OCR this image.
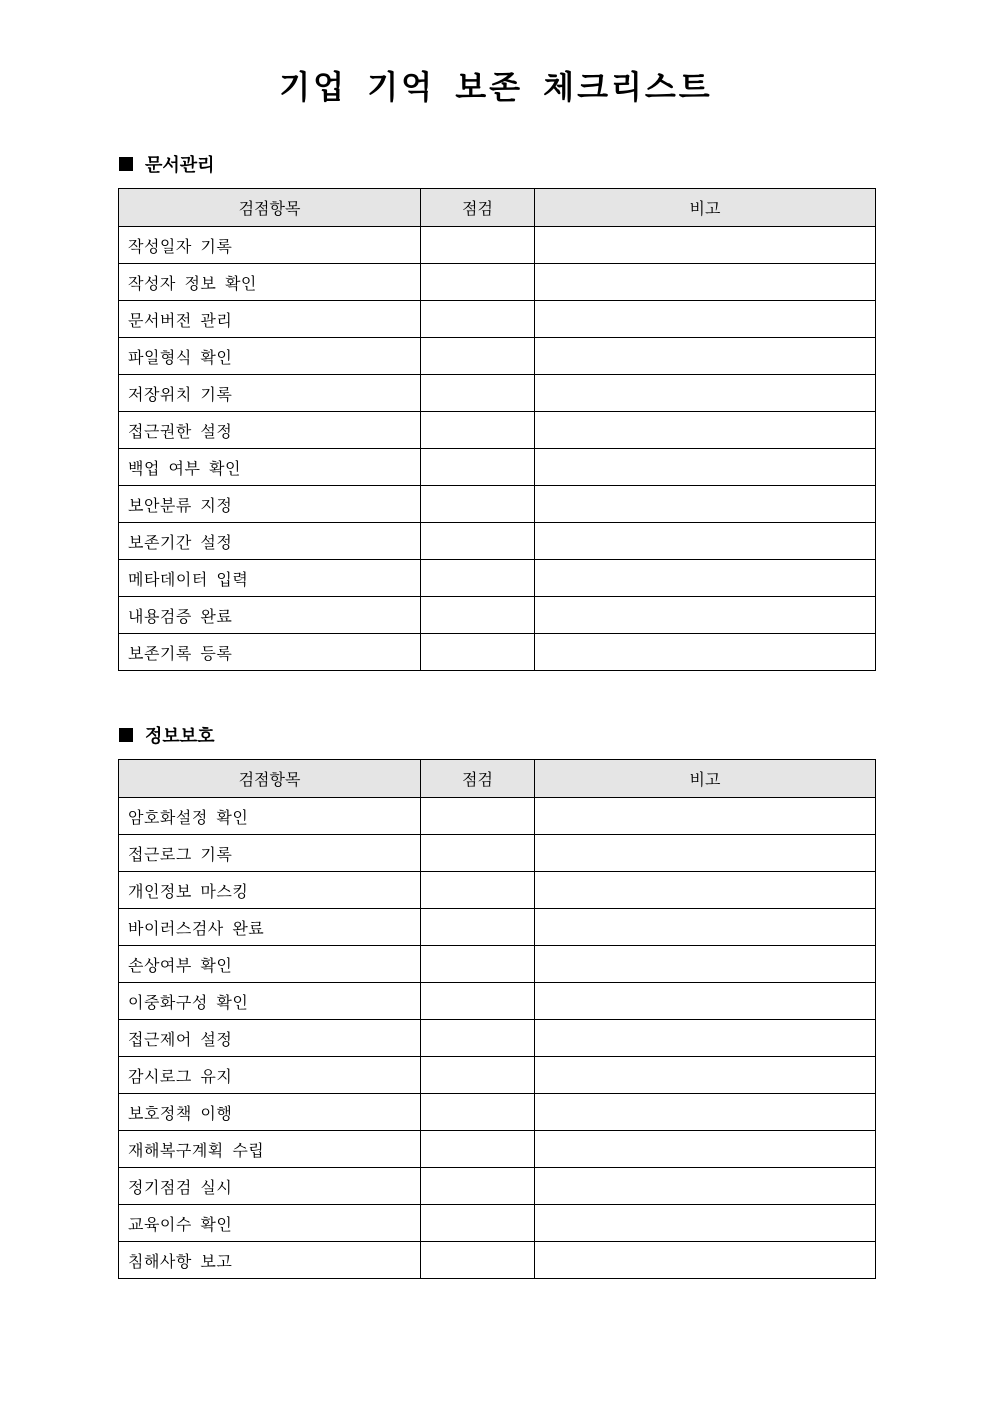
기업 기억 보존 체크리스트
문서관리
검점항목	점검	비고
작성일자 기록		
작성자 정보 확인		
문서버전 관리		
파일형식 확인		
저장위치 기록		
접근권한 설정		
백업 여부 확인		
보안분류 지정		
보존기간 설정		
메타데이터 입력		
내용검증 완료		
보존기록 등록		
정보보호
검점항목	점검	비고
암호화설정 확인		
접근로그 기록		
개인정보 마스킹		
바이러스검사 완료		
손상여부 확인		
이중화구성 확인		
접근제어 설정		
감시로그 유지		
보호정책 이행		
재해복구계획 수립		
정기점검 실시		
교육이수 확인		
침해사항 보고		
